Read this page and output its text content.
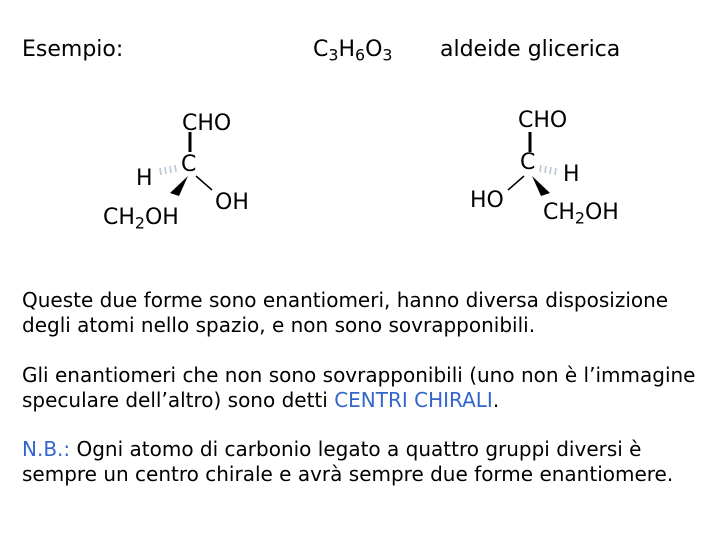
Esempio:	$C_3H_6O_3$ aldeide glicerica
CHO
C
H
OH
$CH_2OH$
CHO
C H
HO $CH_2OH$
Queste due forme sono enantiomeri, hanno diversa disposizione degli atomi nello spazio, e non sono sovrapponibili.
Gli enantiomeri che non sono sovrapponibili (uno non è l’immagine speculare dell’altro) sono detti CENTRI CHIRALI.
N.B.: Ogni atomo di carbonio legato a quattro gruppi diversi è sempre un centro chirale e avrà sempre due forme enantiomere.
